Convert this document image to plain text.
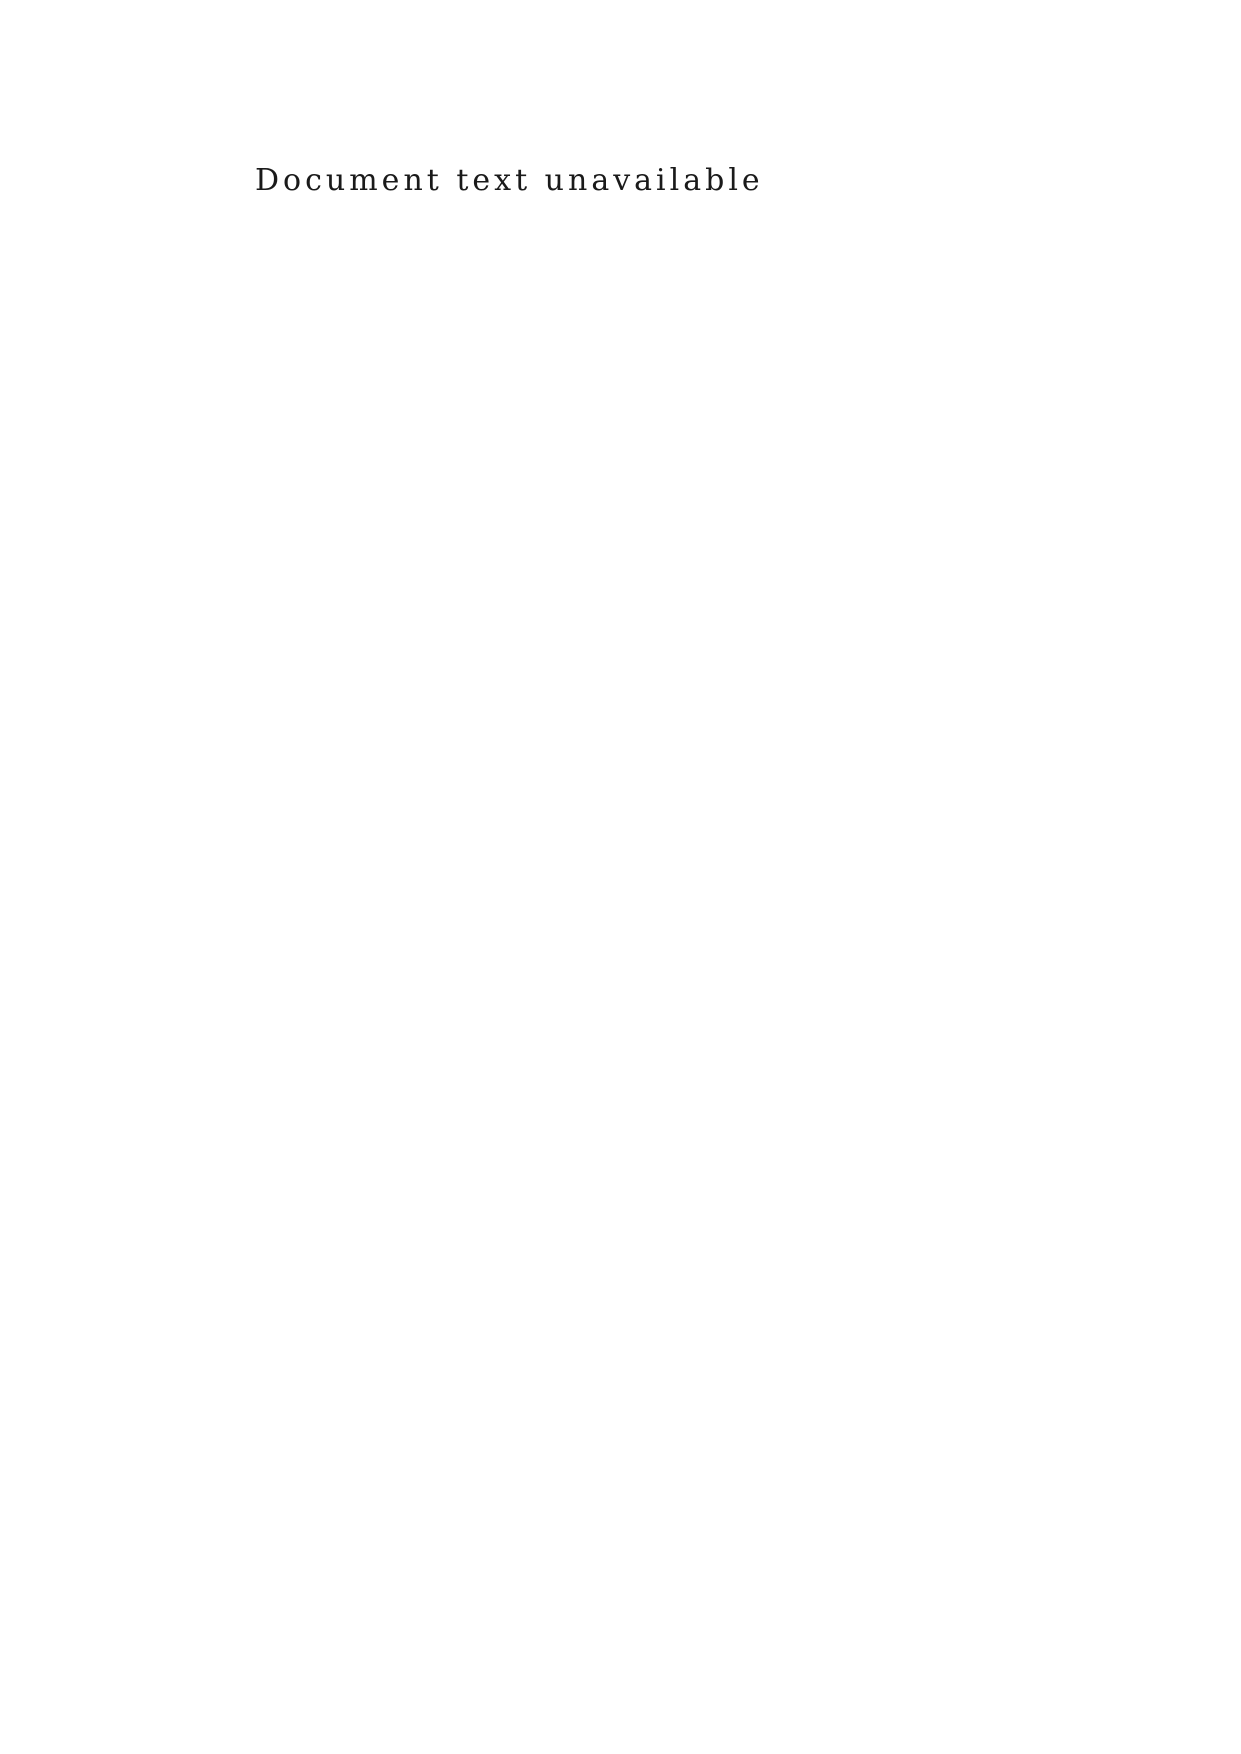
Document text unavailable
